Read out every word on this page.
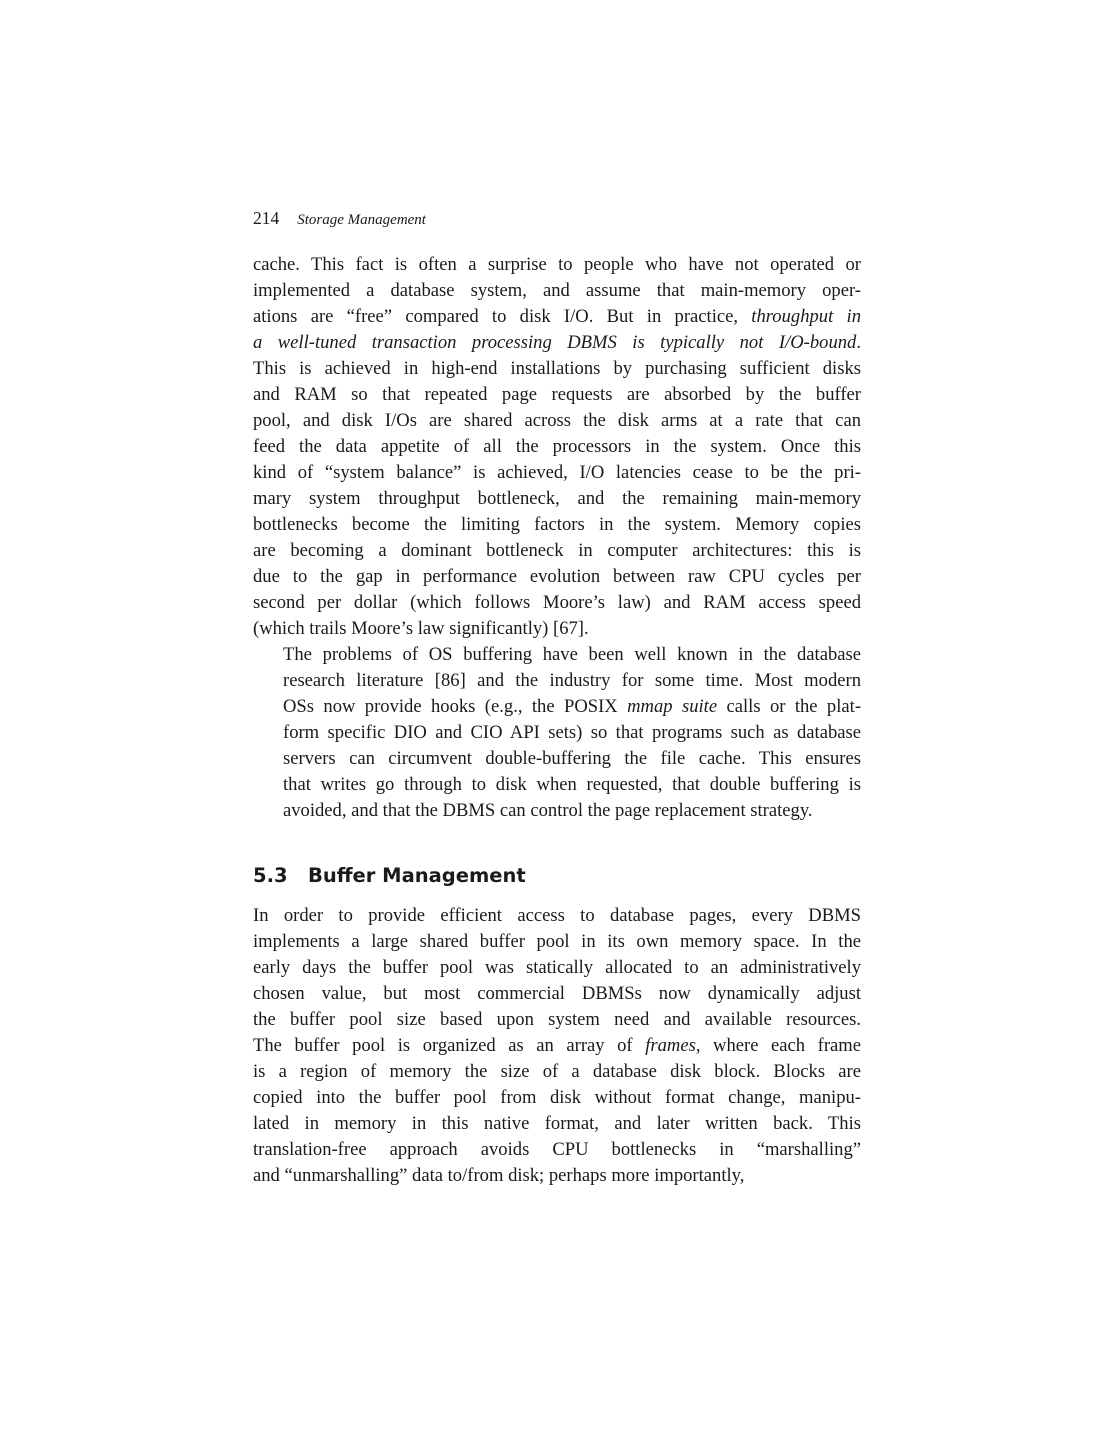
214 Storage Management

cache. This fact is often a surprise to people who have not operated or
implemented a database system, and assume that main-memory oper-
ations are “free” compared to disk I/O. But in practice, throughput in
a well-tuned transaction processing DBMS is typically not I/O-bound.
This is achieved in high-end installations by purchasing sufficient disks
and RAM so that repeated page requests are absorbed by the buffer
pool, and disk I/Os are shared across the disk arms at a rate that can
feed the data appetite of all the processors in the system. Once this
kind of “system balance” is achieved, I/O latencies cease to be the pri-
mary system throughput bottleneck, and the remaining main-memory
bottlenecks become the limiting factors in the system. Memory copies
are becoming a dominant bottleneck in computer architectures: this is
due to the gap in performance evolution between raw CPU cycles per
second per dollar (which follows Moore’s law) and RAM access speed
(which trails Moore’s law significantly) [67].

The problems of OS buffering have been well known in the database
research literature [86] and the industry for some time. Most modern
OSs now provide hooks (e.g., the POSIX mmap suite calls or the plat-
form specific DIO and CIO API sets) so that programs such as database
servers can circumvent double-buffering the file cache. This ensures
that writes go through to disk when requested, that double buffering is
avoided, and that the DBMS can control the page replacement strategy.

5.3	Buffer Management

In order to provide efficient access to database pages, every DBMS
implements a large shared buffer pool in its own memory space. In the
early days the buffer pool was statically allocated to an administratively
chosen value, but most commercial DBMSs now dynamically adjust
the buffer pool size based upon system need and available resources.
The buffer pool is organized as an array of frames, where each frame
is a region of memory the size of a database disk block. Blocks are
copied into the buffer pool from disk without format change, manipu-
lated in memory in this native format, and later written back. This
translation-free approach avoids CPU bottlenecks in “marshalling”
and “unmarshalling” data to/from disk; perhaps more importantly,
